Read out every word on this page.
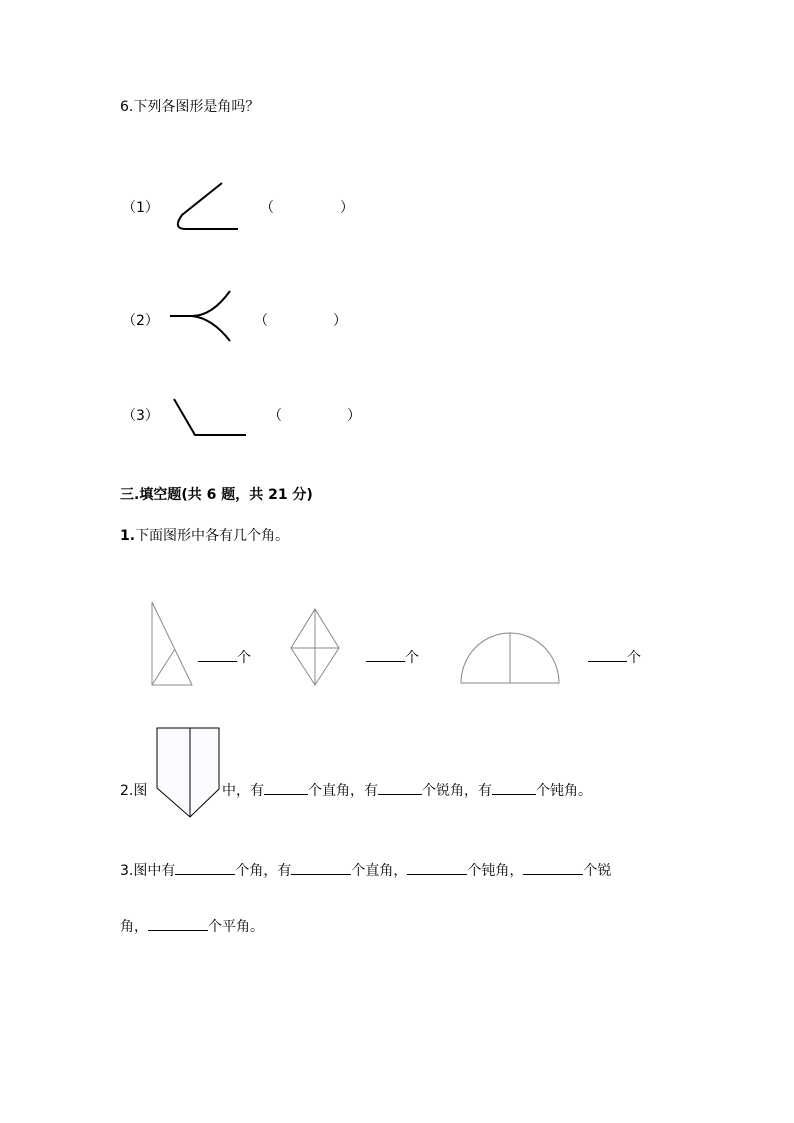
6.下列各图形是角吗？
（1）	（	）
（2）	（	）
（3）	（	）
三.填空题(共 6 题，共 21 分)
1.下面图形中各有几个角。
个	个	个
2.图	中，有	个直角，有	个锐角，有	个钝角。
3.图中有	个角，有	个直角，	个钝角，	个锐
角，	个平角。
